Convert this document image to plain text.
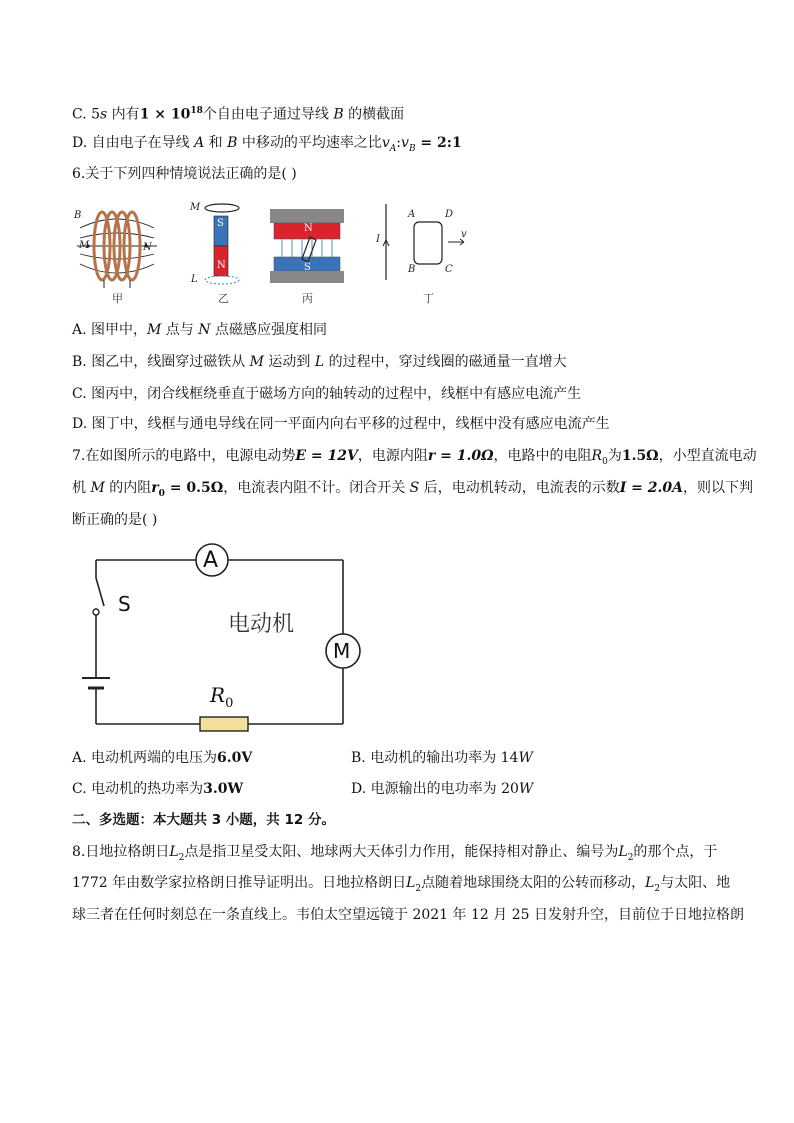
C. 5s 内有$1 \times 10^{18}$个自由电子通过导线 B 的横截面
D. 自由电子在导线 A 和 B 中移动的平均速率之比$v_A:v_B$ = 2:1
6.关于下列四种情境说法正确的是( )
B
M	N
甲
M
L
S
N
乙
N
S
丙
I
A	D
B	C
v
丁
A. 图甲中，M 点与 N 点磁感应强度相同
B. 图乙中，线圈穿过磁铁从 M 运动到 L 的过程中，穿过线圈的磁通量一直增大
C. 图丙中，闭合线框绕垂直于磁场方向的轴转动的过程中，线框中有感应电流产生
D. 图丁中，线框与通电导线在同一平面内向右平移的过程中，线框中没有感应电流产生
7.在如图所示的电路中，电源电动势E = 12V，电源内阻r = 1.0Ω，电路中的电阻$R_0$为1.5Ω，小型直流电动
机 M 的内阻$r_0 = 0.5\Omega$，电流表内阻不计。闭合开关 S 后，电动机转动，电流表的示数I = 2.0A，则以下判
断正确的是( )
A
M
S
电动机
$R_0$
A. 电动机两端的电压为6.0V	B. 电动机的输出功率为 14W
C. 电动机的热功率为3.0W	D. 电源输出的电功率为 20W
二、多选题：本大题共 3 小题，共 12 分。
8.日地拉格朗日$L_2$点是指卫星受太阳、地球两大天体引力作用，能保持相对静止、编号为$L_2$的那个点，于
1772 年由数学家拉格朗日推导证明出。日地拉格朗日$L_2$点随着地球围绕太阳的公转而移动，$L_2$与太阳、地
球三者在任何时刻总在一条直线上。韦伯太空望远镜于 2021 年 12 月 25 日发射升空，目前位于日地拉格朗
